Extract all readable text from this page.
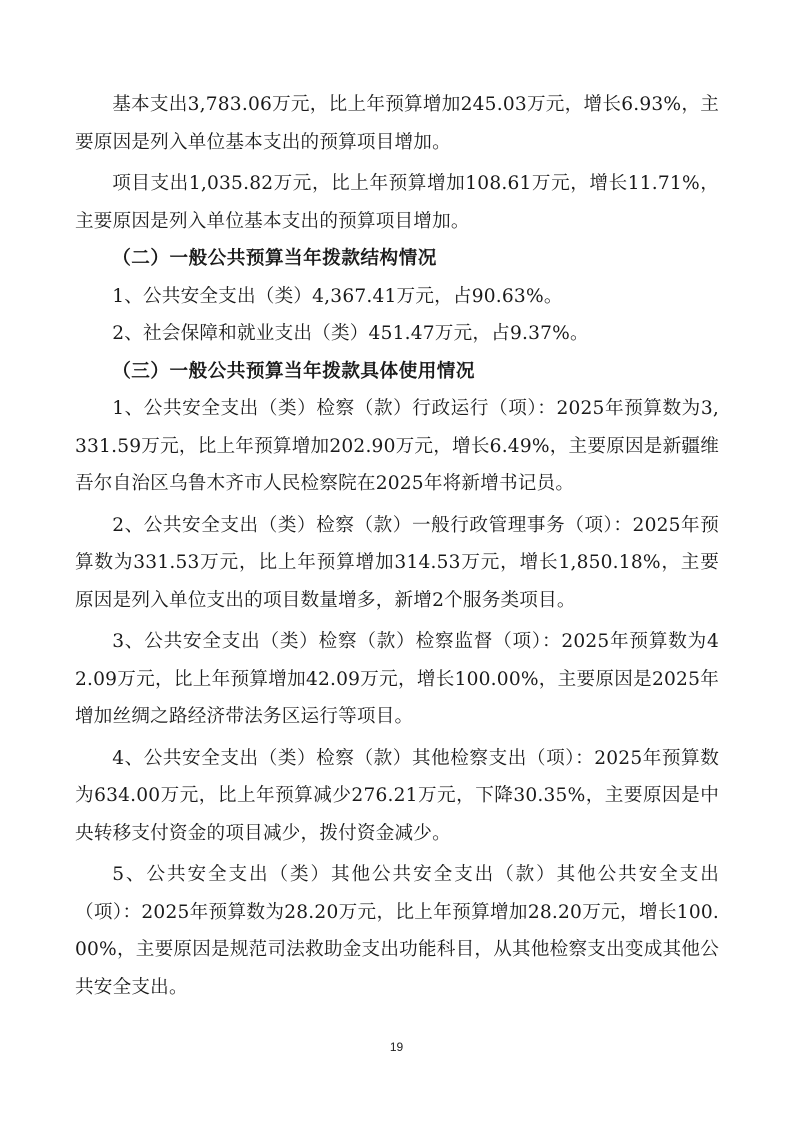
基本支出3,783.06万元，比上年预算增加245.03万元，增长6.93%，主要原因是列入单位基本支出的预算项目增加。

项目支出1,035.82万元，比上年预算增加108.61万元，增长11.71%，主要原因是列入单位基本支出的预算项目增加。

（二）一般公共预算当年拨款结构情况

1、公共安全支出（类）4,367.41万元，占90.63%。

2、社会保障和就业支出（类）451.47万元，占9.37%。

（三）一般公共预算当年拨款具体使用情况

1、公共安全支出（类）检察（款）行政运行（项）：2025年预算数为3,331.59万元，比上年预算增加202.90万元，增长6.49%，主要原因是新疆维吾尔自治区乌鲁木齐市人民检察院在2025年将新增书记员。

2、公共安全支出（类）检察（款）一般行政管理事务（项）：2025年预算数为331.53万元，比上年预算增加314.53万元，增长1,850.18%，主要原因是列入单位支出的项目数量增多，新增2个服务类项目。

3、公共安全支出（类）检察（款）检察监督（项）：2025年预算数为42.09万元，比上年预算增加42.09万元，增长100.00%，主要原因是2025年增加丝绸之路经济带法务区运行等项目。

4、公共安全支出（类）检察（款）其他检察支出（项）：2025年预算数为634.00万元，比上年预算减少276.21万元，下降30.35%，主要原因是中央转移支付资金的项目减少，拨付资金减少。

5、公共安全支出（类）其他公共安全支出（款）其他公共安全支出（项）：2025年预算数为28.20万元，比上年预算增加28.20万元，增长100.00%，主要原因是规范司法救助金支出功能科目，从其他检察支出变成其他公共安全支出。

19
